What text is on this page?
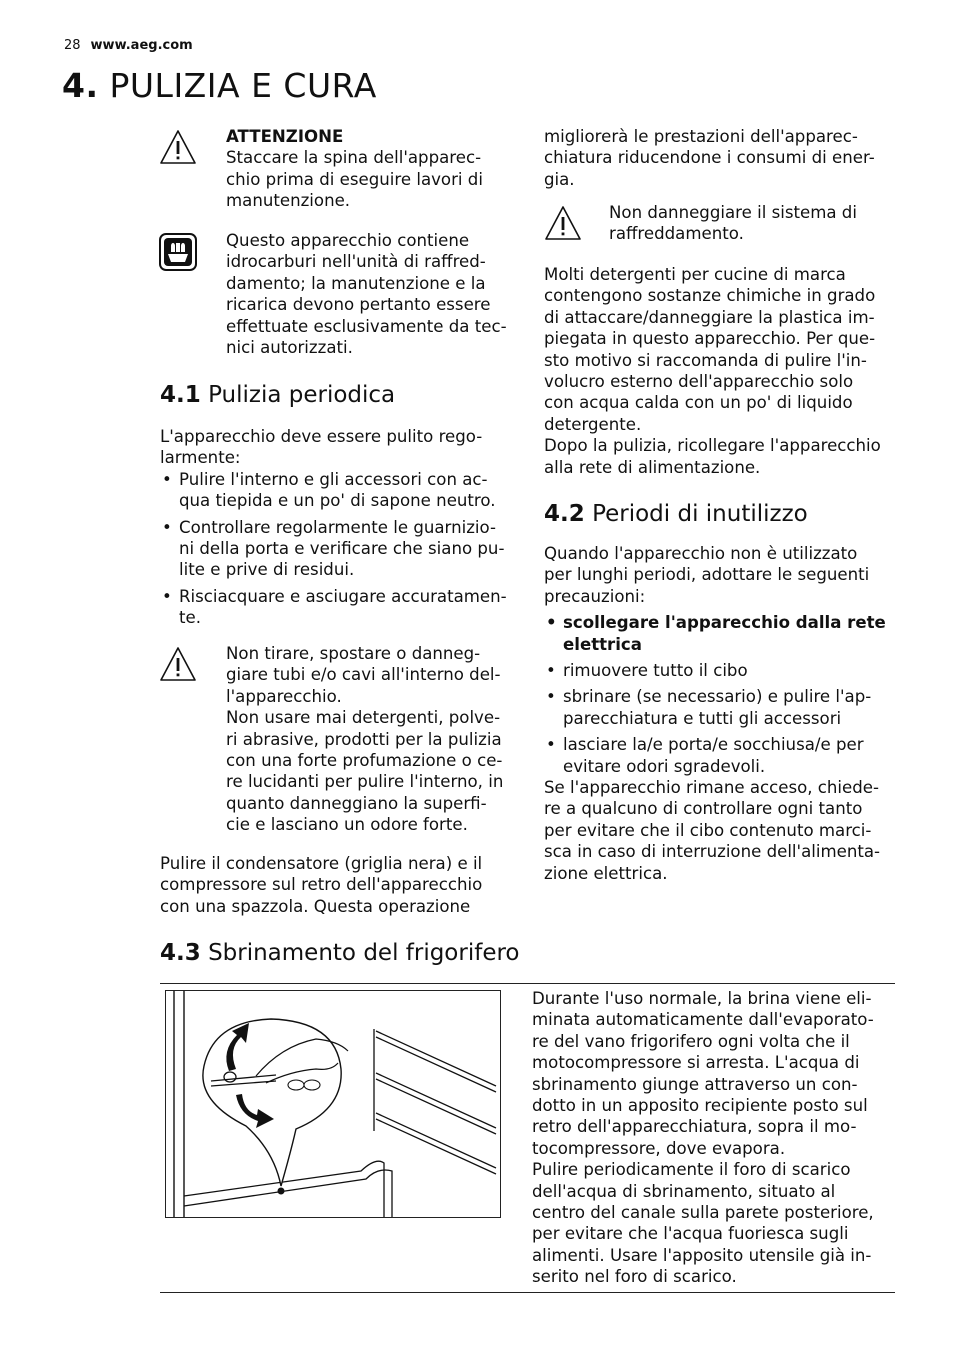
28 www.aeg.com
4. PULIZIA E CURA
ATTENZIONE
Staccare la spina dell'apparec-
chio prima di eseguire lavori di
manutenzione.
Questo apparecchio contiene
idrocarburi nell'unità di raffred-
damento; la manutenzione e la
ricarica devono pertanto essere
effettuate esclusivamente da tec-
nici autorizzati.
4.1 Pulizia periodica
L'apparecchio deve essere pulito rego-
larmente:
• Pulire l'interno e gli accessori con ac-
qua tiepida e un po' di sapone neutro.
• Controllare regolarmente le guarnizio-
ni della porta e verificare che siano pu-
lite e prive di residui.
• Risciacquare e asciugare accuratamen-
te.
Non tirare, spostare o danneg-
giare tubi e/o cavi all'interno del-
l'apparecchio.
Non usare mai detergenti, polve-
ri abrasive, prodotti per la pulizia
con una forte profumazione o ce-
re lucidanti per pulire l'interno, in
quanto danneggiano la superfi-
cie e lasciano un odore forte.
Pulire il condensatore (griglia nera) e il
compressore sul retro dell'apparecchio
con una spazzola. Questa operazione
migliorerà le prestazioni dell'apparec-
chiatura riducendone i consumi di ener-
gia.
Non danneggiare il sistema di
raffreddamento.
Molti detergenti per cucine di marca
contengono sostanze chimiche in grado
di attaccare/danneggiare la plastica im-
piegata in questo apparecchio. Per que-
sto motivo si raccomanda di pulire l'in-
volucro esterno dell'apparecchio solo
con acqua calda con un po' di liquido
detergente.
Dopo la pulizia, ricollegare l'apparecchio
alla rete di alimentazione.
4.2 Periodi di inutilizzo
Quando l'apparecchio non è utilizzato
per lunghi periodi, adottare le seguenti
precauzioni:
• scollegare l'apparecchio dalla rete
elettrica
• rimuovere tutto il cibo
• sbrinare (se necessario) e pulire l'ap-
parecchiatura e tutti gli accessori
• lasciare la/e porta/e socchiusa/e per
evitare odori sgradevoli.
Se l'apparecchio rimane acceso, chiede-
re a qualcuno di controllare ogni tanto
per evitare che il cibo contenuto marci-
sca in caso di interruzione dell'alimenta-
zione elettrica.
4.3 Sbrinamento del frigorifero
Durante l'uso normale, la brina viene eli-
minata automaticamente dall'evaporato-
re del vano frigorifero ogni volta che il
motocompressore si arresta. L'acqua di
sbrinamento giunge attraverso un con-
dotto in un apposito recipiente posto sul
retro dell'apparecchiatura, sopra il mo-
tocompressore, dove evapora.
Pulire periodicamente il foro di scarico
dell'acqua di sbrinamento, situato al
centro del canale sulla parete posteriore,
per evitare che l'acqua fuoriesca sugli
alimenti. Usare l'apposito utensile già in-
serito nel foro di scarico.
